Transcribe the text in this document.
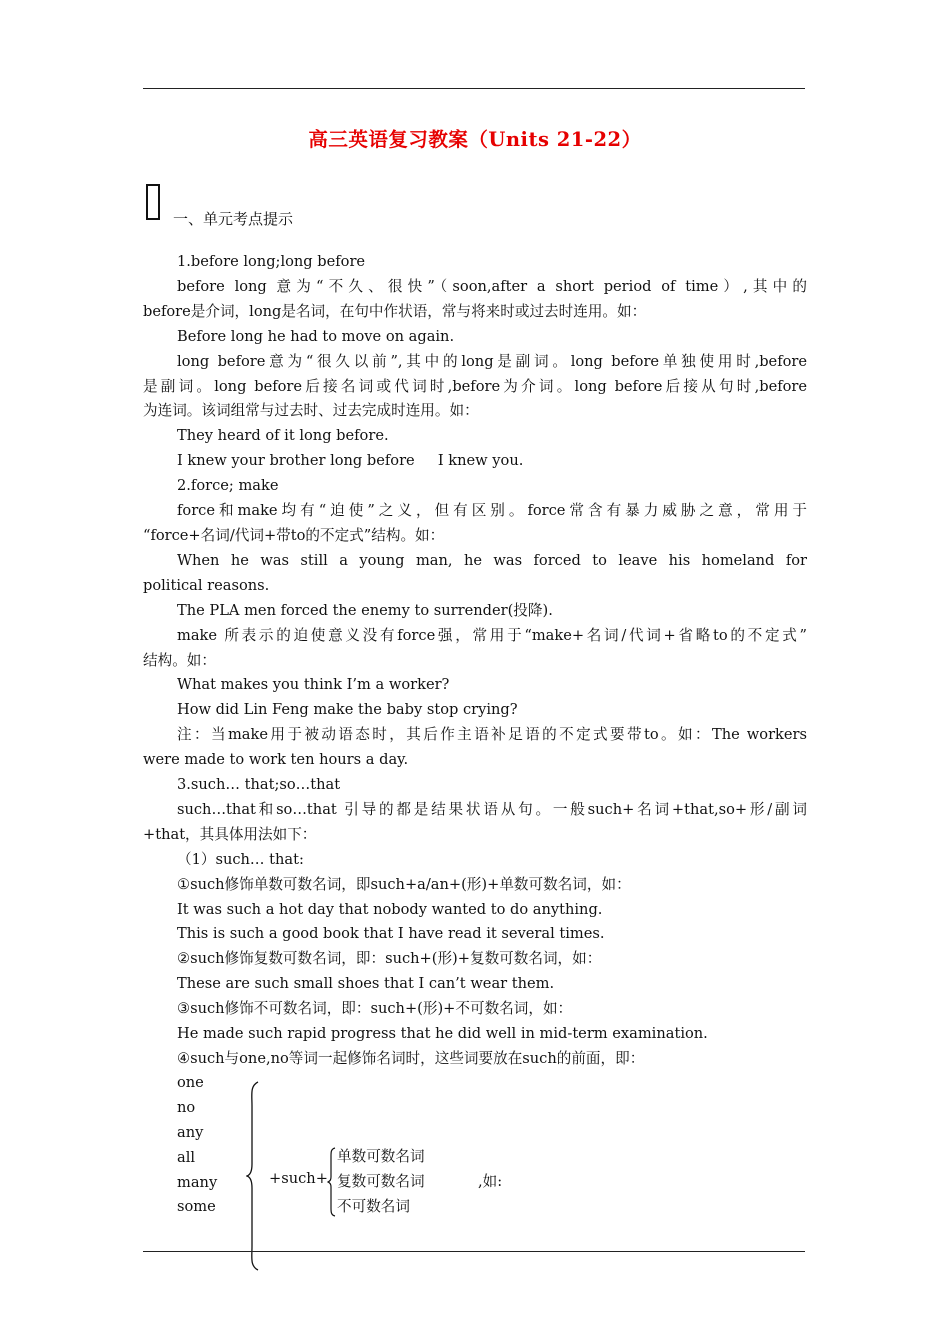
高三英语复习教案（Units 21-22）
一、单元考点提示

1.before long;long before

before long 意为“不久、很快”（soon,after a short period of time）,其中的

before是介词，long是名词，在句中作状语，常与将来时或过去时连用。如：

Before long he had to move on again.

long before意为“很久以前”,其中的long是副词。long before单独使用时,before

是副词。long before后接名词或代词时,before为介词。long before后接从句时,before

为连词。该词组常与过去时、过去完成时连用。如：

They heard of it long before.

I knew your brother long before     I knew you.

2.force; make

force和make均有“迫使”之义，但有区别。force常含有暴力威胁之意，常用于

“force+名词/代词+带to的不定式”结构。如：

When he was still a young man, he was forced to leave his homeland for

political reasons.

The PLA men forced the enemy to surrender(投降).

make 所表示的迫使意义没有force强，常用于“make+名词/代词+省略to的不定式”

结构。如：

What makes you think I’m a worker?

How did Lin Feng make the baby stop crying?

注：当make用于被动语态时，其后作主语补足语的不定式要带to。如：The workers

were made to work ten hours a day.

3.such… that;so…that

such…that和so…that 引导的都是结果状语从句。一般such+名词+that,so+形/副词

+that，其具体用法如下：

（1）such… that:

①such修饰单数可数名词，即such+a/an+(形)+单数可数名词，如：

It was such a hot day that nobody wanted to do anything.

This is such a good book that I have read it several times.

②such修饰复数可数名词，即：such+(形)+复数可数名词，如：

These are such small shoes that I can’t wear them.

③such修饰不可数名词，即：such+(形)+不可数名词，如：

He made such rapid progress that he did well in mid-term examination.

④such与one,no等词一起修饰名词时，这些词要放在such的前面，即：

one
no
any
all
many
some
+such+
单数可数名词
复数可数名词
不可数名词
,如:
